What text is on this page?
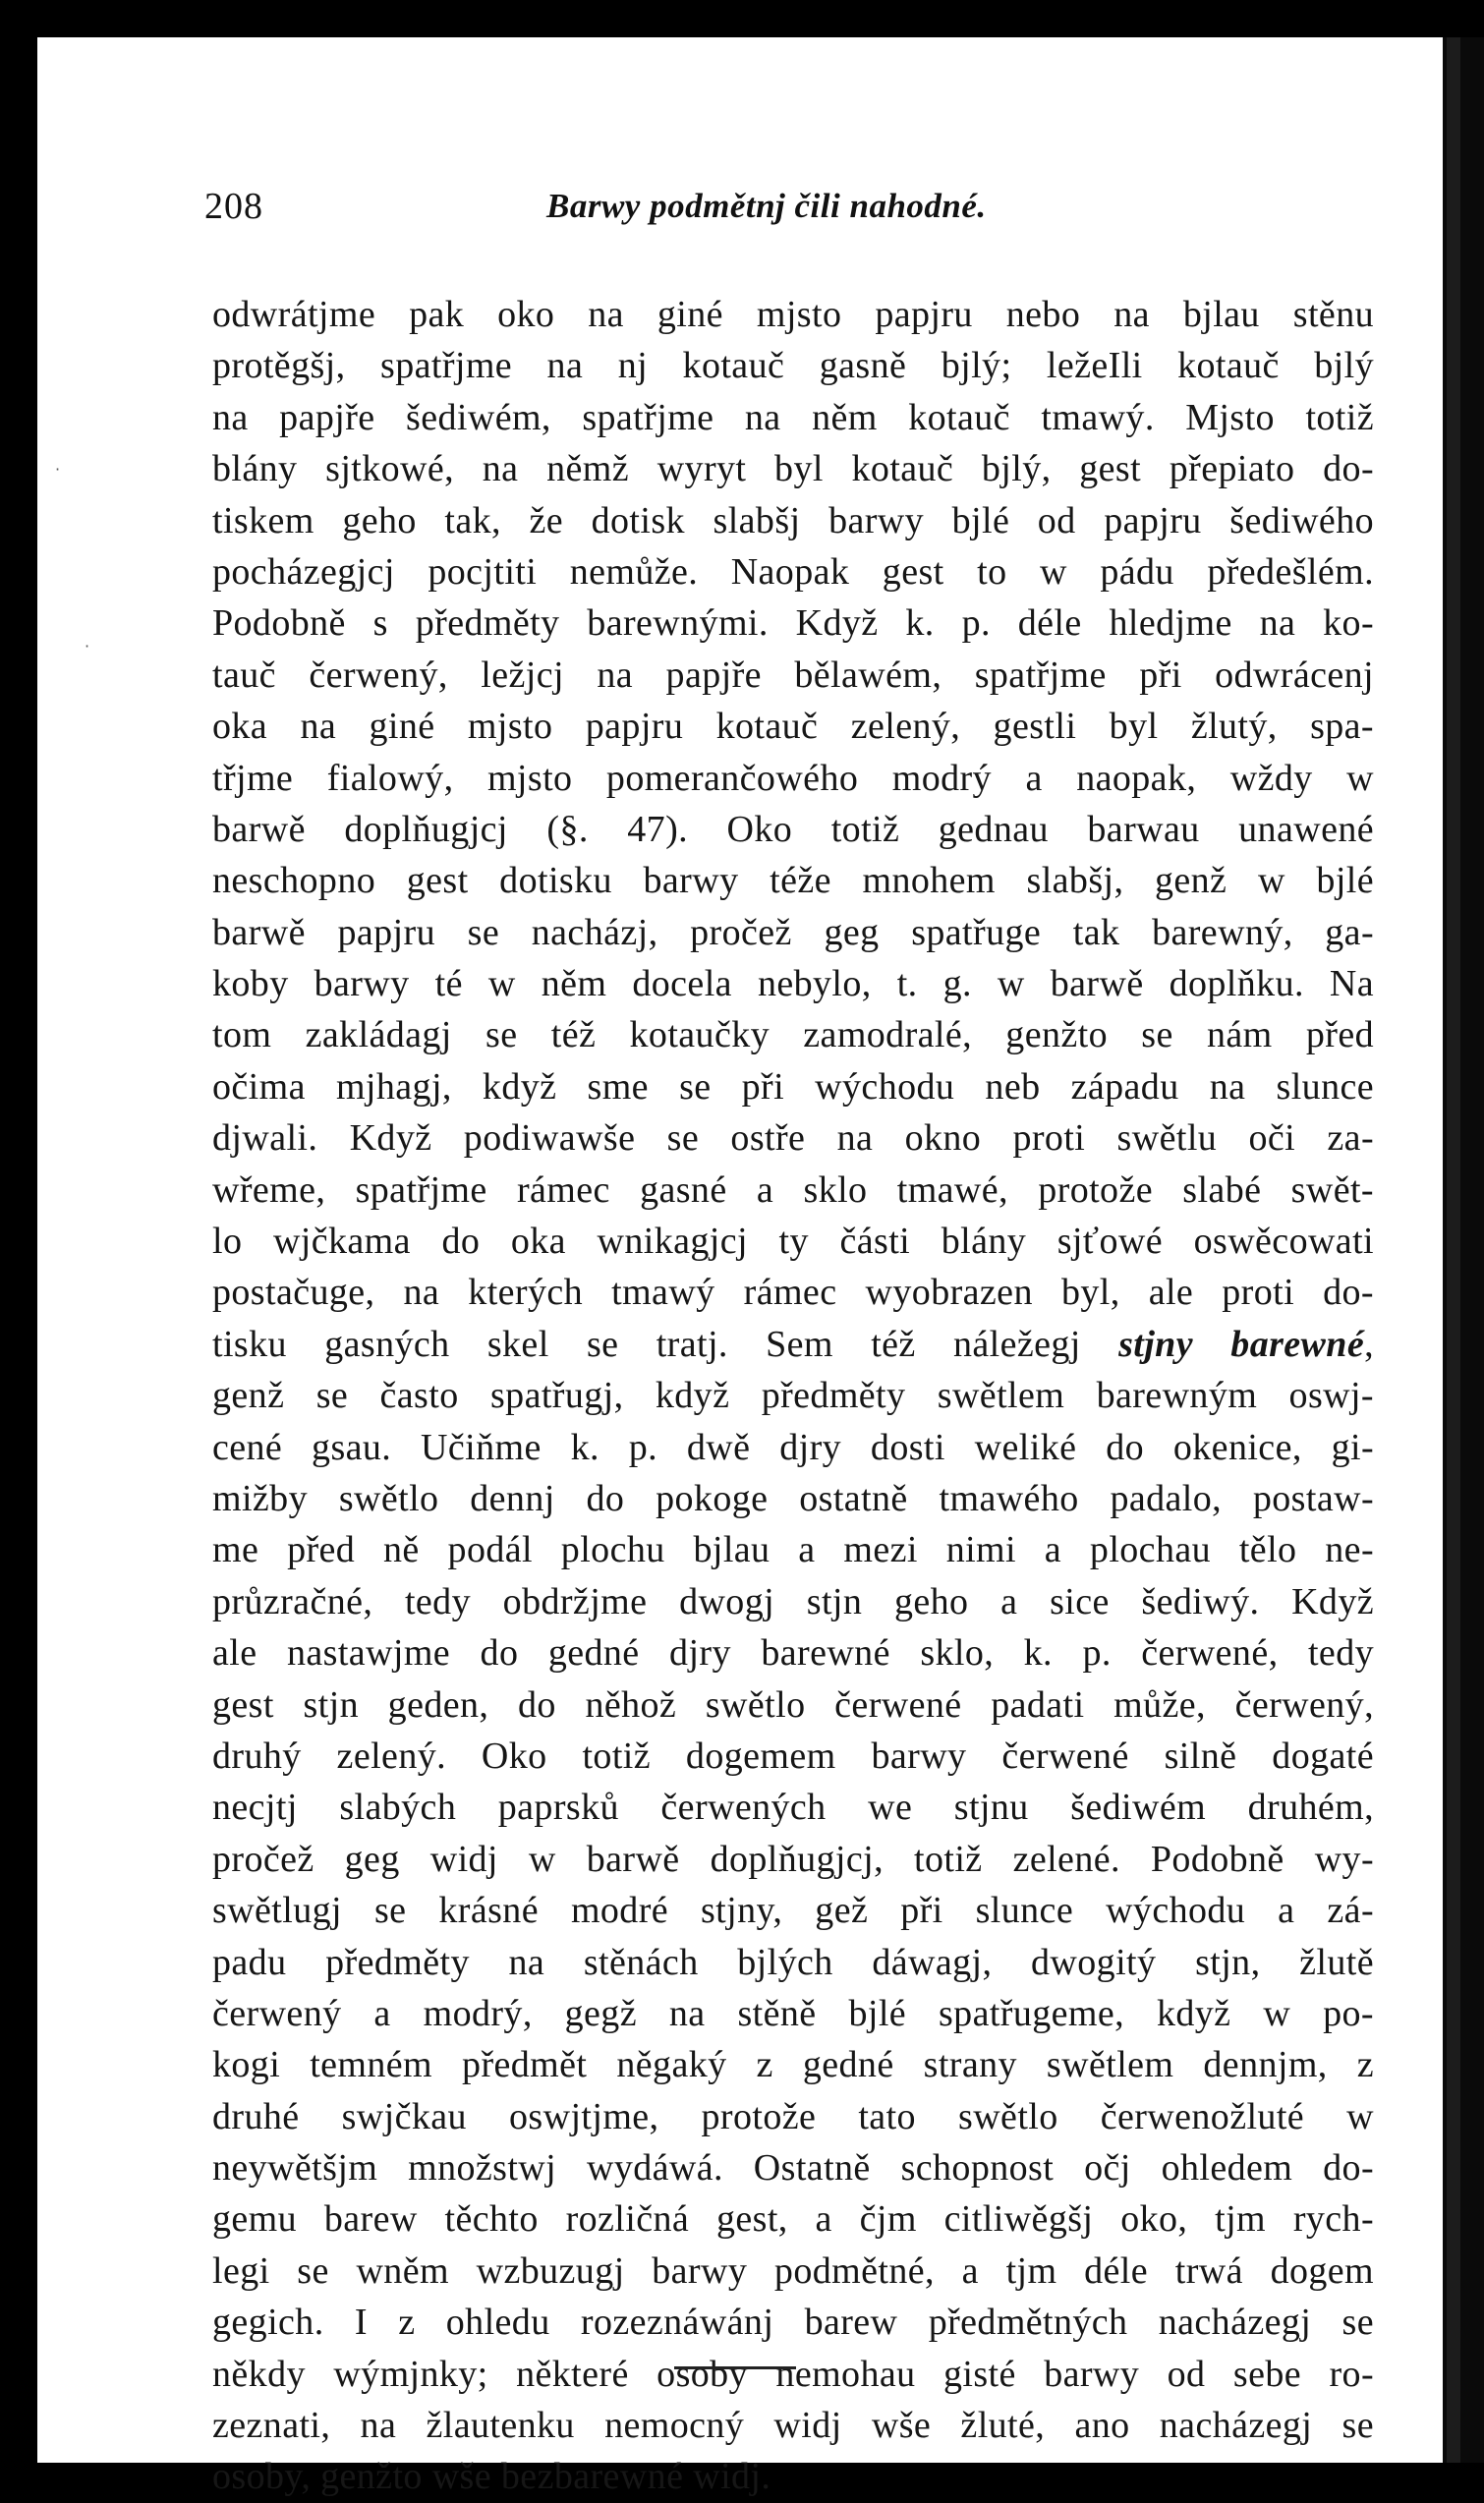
208	Barwy podmětnj čili nahodné.
odwrátjme pak oko na giné mjsto papjru nebo na bjlau stěnu
protěgšj, spatřjme na nj kotauč gasně bjlý; ležeIli kotauč bjlý
na papjře šediwém, spatřjme na něm kotauč tmawý. Mjsto totiž
blány sjtkowé, na němž wyryt byl kotauč bjlý, gest přepiato do-
tiskem geho tak, že dotisk slabšj barwy bjlé od papjru šediwého
pocházegjcj pocjtiti nemůže. Naopak gest to w pádu předešlém.
Podobně s předměty barewnými. Když k. p. déle hledjme na ko-
tauč čerwený, ležjcj na papjře bělawém, spatřjme při odwrácenj
oka na giné mjsto papjru kotauč zelený, gestli byl žlutý, spa-
třjme fialowý, mjsto pomerančowého modrý a naopak, wždy w
barwě doplňugjcj (§. 47). Oko totiž gednau barwau unawené
neschopno gest dotisku barwy téže mnohem slabšj, genž w bjlé
barwě papjru se nacházj, pročež geg spatřuge tak barewný, ga-
koby barwy té w něm docela nebylo, t. g. w barwě doplňku. Na
tom zakládagj se též kotaučky zamodralé, genžto se nám před
očima mjhagj, když sme se při wýchodu neb západu na slunce
djwali. Když podiwawše se ostře na okno proti swětlu oči za-
wřeme, spatřjme rámec gasné a sklo tmawé, protože slabé swět-
lo wjčkama do oka wnikagjcj ty části blány sjťowé oswěcowati
postačuge, na kterých tmawý rámec wyobrazen byl, ale proti do-
tisku gasných skel se tratj. Sem též náležegj stjny barewné,
genž se často spatřugj, když předměty swětlem barewným oswj-
cené gsau. Učiňme k. p. dwě djry dosti weliké do okenice, gi-
mižby swětlo dennj do pokoge ostatně tmawého padalo, postaw-
me před ně podál plochu bjlau a mezi nimi a plochau tělo ne-
průzračné, tedy obdržjme dwogj stjn geho a sice šediwý. Když
ale nastawjme do gedné djry barewné sklo, k. p. čerwené, tedy
gest stjn geden, do něhož swětlo čerwené padati může, čerwený,
druhý zelený. Oko totiž dogemem barwy čerwené silně dogaté
necjtj slabých paprsků čerwených we stjnu šediwém druhém,
pročež geg widj w barwě doplňugjcj, totiž zelené. Podobně wy-
swětlugj se krásné modré stjny, gež při slunce wýchodu a zá-
padu předměty na stěnách bjlých dáwagj, dwogitý stjn, žlutě
čerwený a modrý, gegž na stěně bjlé spatřugeme, když w po-
kogi temném předmět něgaký z gedné strany swětlem dennjm, z
druhé swjčkau oswjtjme, protože tato swětlo čerwenožluté w
neywětšjm množstwj wydáwá. Ostatně schopnost očj ohledem do-
gemu barew těchto rozličná gest, a čjm citliwěgšj oko, tjm rych-
legi se wněm wzbuzugj barwy podmětné, a tjm déle trwá dogem
gegich. I z ohledu rozeznáwánj barew předmětných nacházegj se
někdy wýmjnky; některé osoby nemohau gisté barwy od sebe ro-
zeznati, na žlautenku nemocný widj wše žluté, ano nacházegj se
osoby, genžto wše bezbarewné widj.
·
·
